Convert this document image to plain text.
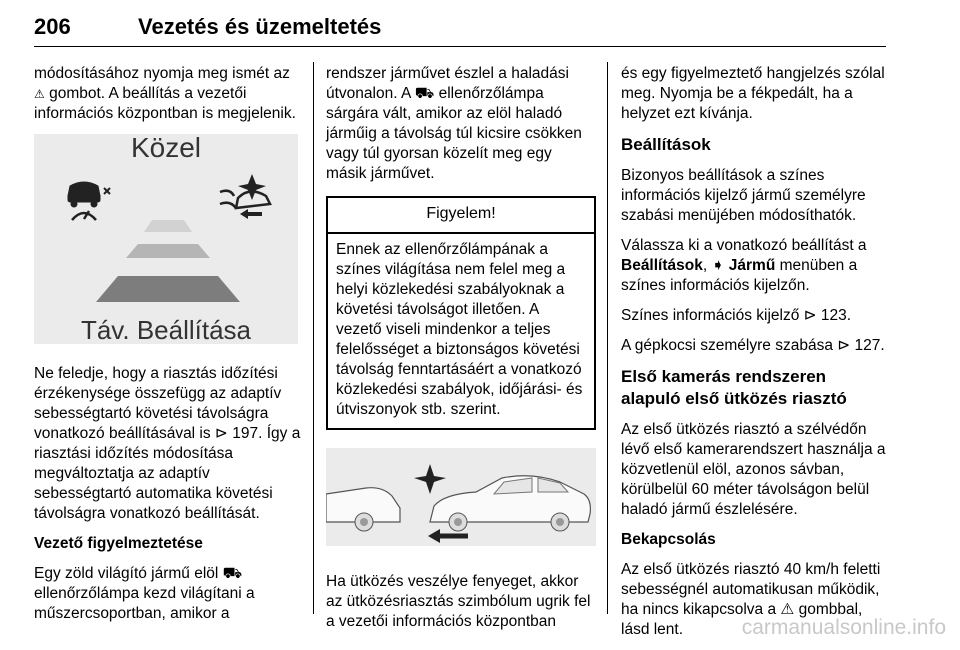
206	Vezetés és üzemeltetés

módosításához nyomja meg ismét az ⚠ gombot. A beállítás a vezetői információs központban is megjelenik.

Közel
Táv. Beállítása

Ne feledje, hogy a riasztás időzítési érzékenysége összefügg az adaptív sebességtartó követési távolságra vonatkozó beállításával is ⊳ 197. Így a riasztási időzítés módosítása megváltoztatja az adaptív sebességtartó automatika követési távolságra vonatkozó beállítását.

Vezető figyelmeztetése

Egy zöld világító jármű elöl ⛟ ellenőrzőlámpa kezd világítani a műszercsoportban, amikor a

rendszer járművet észlel a haladási útvonalon. A ⛟ ellenőrzőlámpa sárgára vált, amikor az elöl haladó járműig a távolság túl kicsire csökken vagy túl gyorsan közelít meg egy másik járművet.

Figyelem!
Ennek az ellenőrzőlámpának a színes világítása nem felel meg a helyi közlekedési szabályoknak a követési távolságot illetően. A vezető viseli mindenkor a teljes felelősséget a biztonságos követési távolság fenntartásáért a vonatkozó közlekedési szabályok, időjárási- és útviszonyok stb. szerint.

Ha ütközés veszélye fenyeget, akkor az ütközésriasztás szimbólum ugrik fel a vezetői információs központban

és egy figyelmeztető hangjelzés szólal meg. Nyomja be a fékpedált, ha a helyzet ezt kívánja.

Beállítások

Bizonyos beállítások a színes információs kijelző jármű személyre szabási menüjében módosíthatók.

Válassza ki a vonatkozó beállítást a Beállítások, ➧ Jármű menüben a színes információs kijelzőn.

Színes információs kijelző ⊳ 123.

A gépkocsi személyre szabása ⊳ 127.

Első kamerás rendszeren alapuló első ütközés riasztó

Az első ütközés riasztó a szélvédőn lévő első kamerarendszert használja a közvetlenül elöl, azonos sávban, körülbelül 60 méter távolságon belül haladó jármű észlelésére.

Bekapcsolás

Az első ütközés riasztó 40 km/h feletti sebességnél automatikusan működik, ha nincs kikapcsolva a ⚠ gombbal, lásd lent.	carmanualsonline.info
